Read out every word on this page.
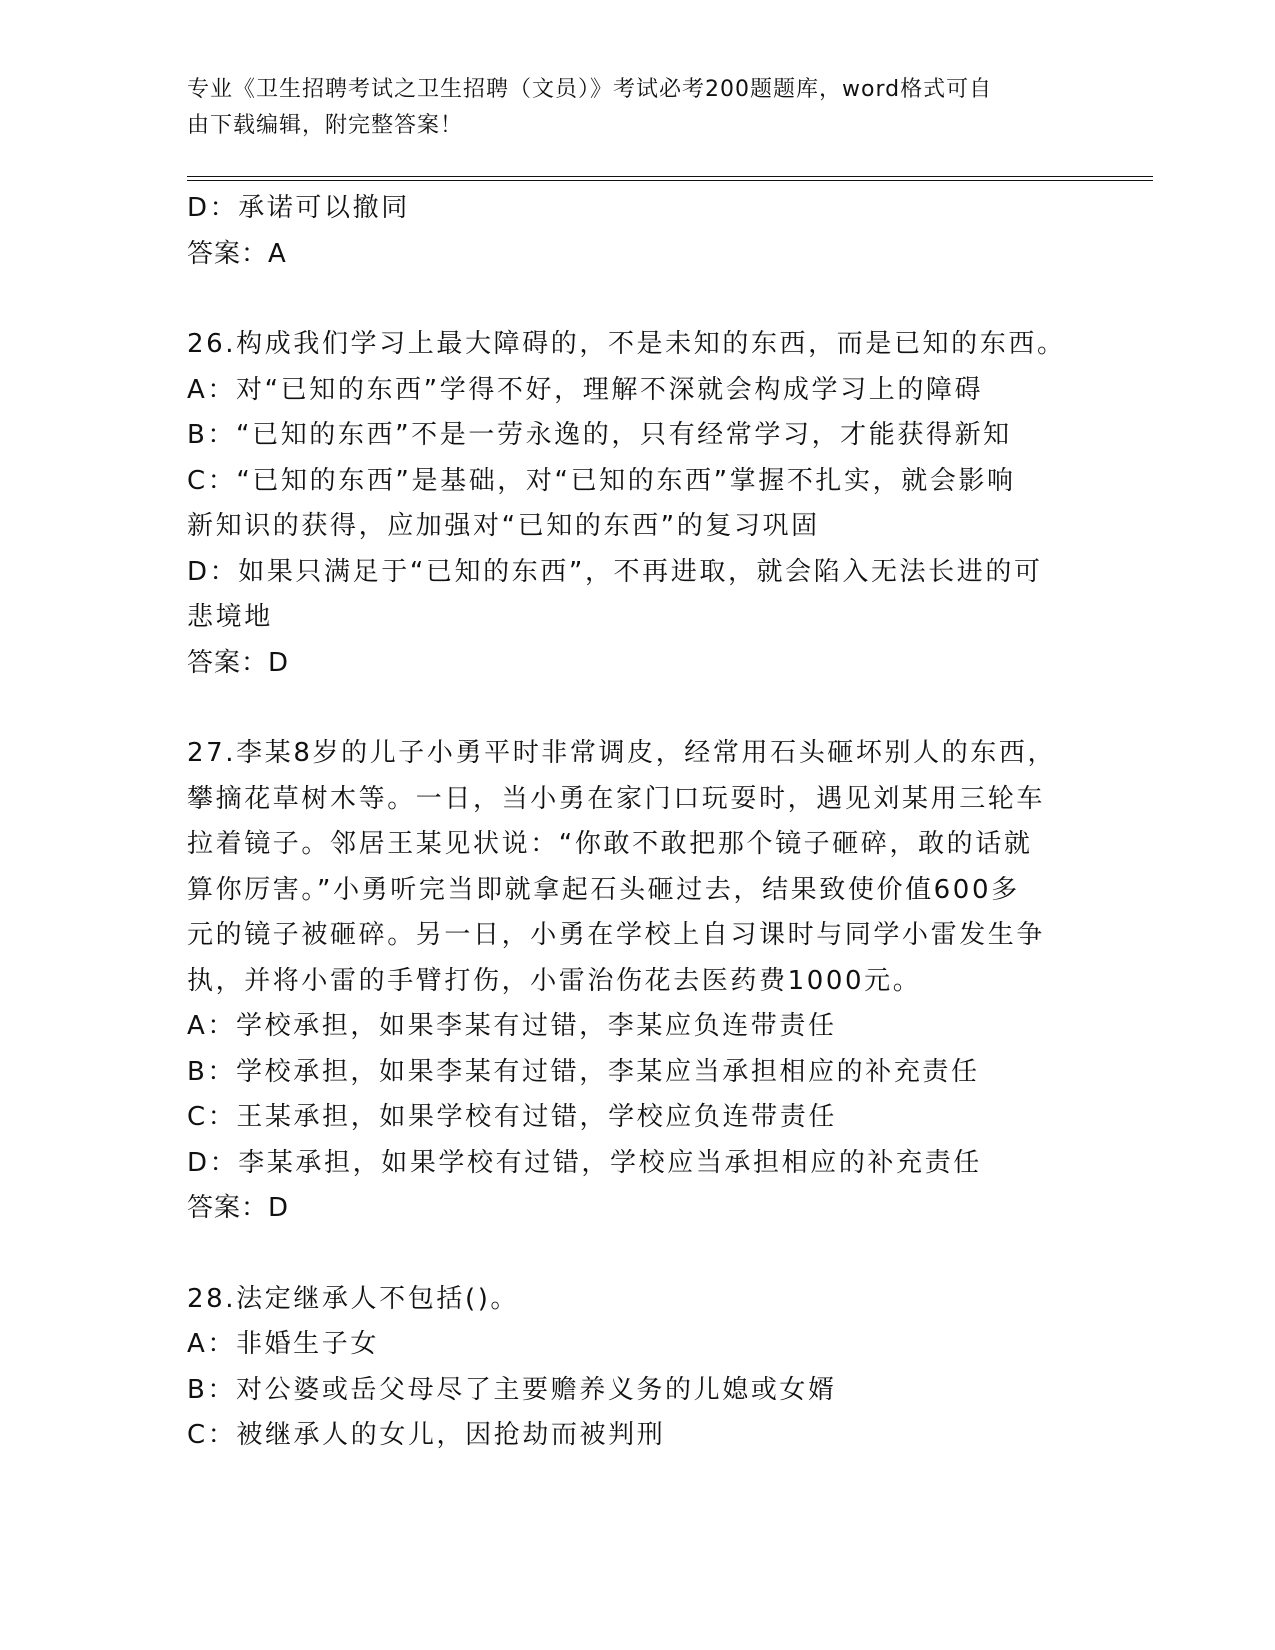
专业《卫生招聘考试之卫生招聘（文员）》考试必考200题题库，word格式可自
由下载编辑，附完整答案！
D：承诺可以撤同
答案：A
26.构成我们学习上最大障碍的，不是未知的东西，而是已知的东西。
A：对“已知的东西”学得不好，理解不深就会构成学习上的障碍
B：“已知的东西”不是一劳永逸的，只有经常学习，才能获得新知
C：“已知的东西”是基础，对“已知的东西”掌握不扎实，就会影响
新知识的获得，应加强对“已知的东西”的复习巩固
D：如果只满足于“已知的东西”，不再进取，就会陷入无法长进的可
悲境地
答案：D
27.李某8岁的儿子小勇平时非常调皮，经常用石头砸坏别人的东西，
攀摘花草树木等。一日，当小勇在家门口玩耍时，遇见刘某用三轮车
拉着镜子。邻居王某见状说：“你敢不敢把那个镜子砸碎，敢的话就
算你厉害。”小勇听完当即就拿起石头砸过去，结果致使价值600多
元的镜子被砸碎。另一日，小勇在学校上自习课时与同学小雷发生争
执，并将小雷的手臂打伤，小雷治伤花去医药费1000元。
A：学校承担，如果李某有过错，李某应负连带责任
B：学校承担，如果李某有过错，李某应当承担相应的补充责任
C：王某承担，如果学校有过错，学校应负连带责任
D：李某承担，如果学校有过错，学校应当承担相应的补充责任
答案：D
28.法定继承人不包括()。
A：非婚生子女
B：对公婆或岳父母尽了主要赡养义务的儿媳或女婿
C：被继承人的女儿，因抢劫而被判刑
